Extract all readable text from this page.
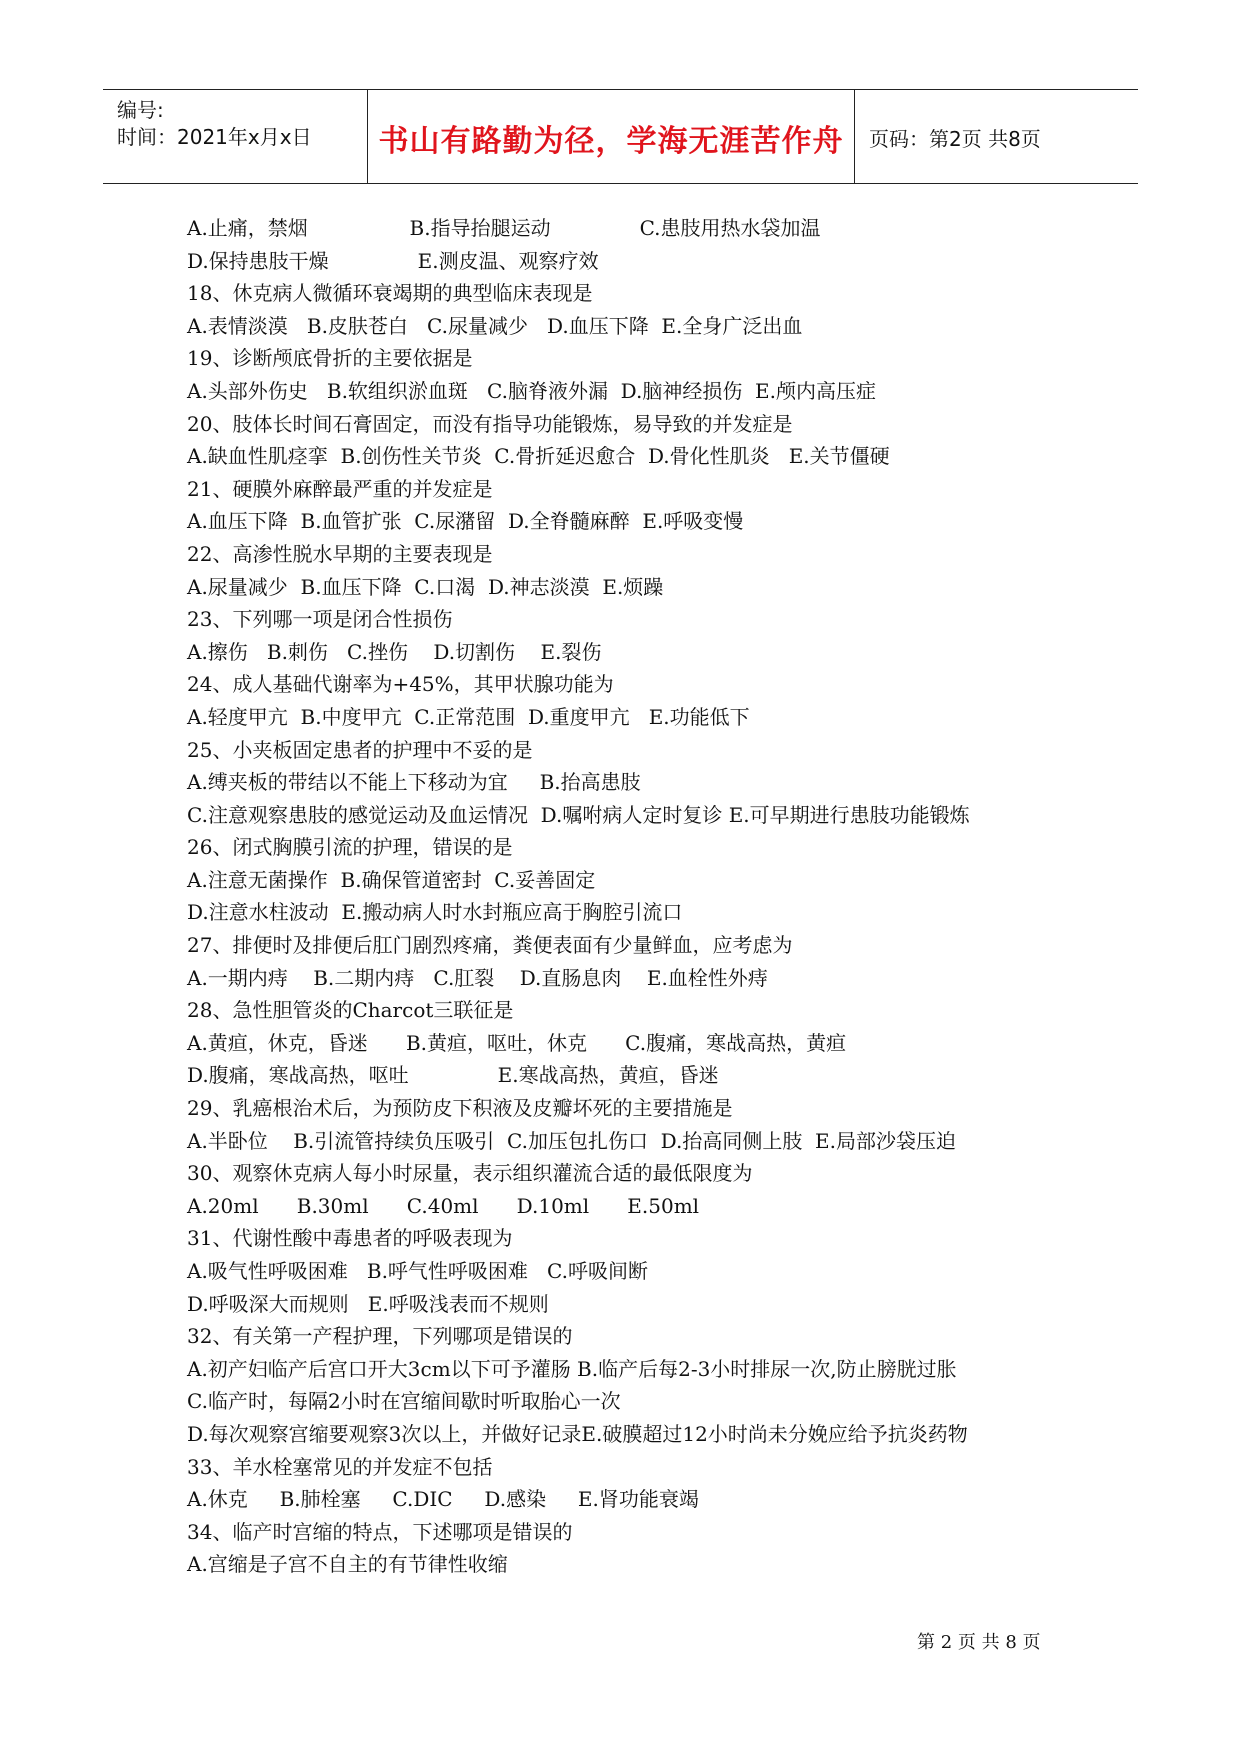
编号:
时间：2021年x月x日	书山有路勤为径，学海无涯苦作舟	页码：第2页 共8页
A.止痛，禁烟                B.指导抬腿运动              C.患肢用热水袋加温
D.保持患肢干燥              E.测皮温、观察疗效
18、休克病人微循环衰竭期的典型临床表现是
A.表情淡漠   B.皮肤苍白   C.尿量减少   D.血压下降  E.全身广泛出血
19、诊断颅底骨折的主要依据是
A.头部外伤史   B.软组织淤血斑   C.脑脊液外漏  D.脑神经损伤  E.颅内高压症
20、肢体长时间石膏固定，而没有指导功能锻炼，易导致的并发症是
A.缺血性肌痉挛  B.创伤性关节炎  C.骨折延迟愈合  D.骨化性肌炎   E.关节僵硬
21、硬膜外麻醉最严重的并发症是
A.血压下降  B.血管扩张  C.尿潴留  D.全脊髓麻醉  E.呼吸变慢
22、高渗性脱水早期的主要表现是
A.尿量减少  B.血压下降  C.口渴  D.神志淡漠  E.烦躁
23、下列哪一项是闭合性损伤
A.擦伤   B.刺伤   C.挫伤    D.切割伤    E.裂伤
24、成人基础代谢率为+45%，其甲状腺功能为
A.轻度甲亢  B.中度甲亢  C.正常范围  D.重度甲亢   E.功能低下
25、小夹板固定患者的护理中不妥的是
A.缚夹板的带结以不能上下移动为宜     B.抬高患肢
C.注意观察患肢的感觉运动及血运情况  D.嘱咐病人定时复诊 E.可早期进行患肢功能锻炼
26、闭式胸膜引流的护理，错误的是
A.注意无菌操作  B.确保管道密封  C.妥善固定
D.注意水柱波动  E.搬动病人时水封瓶应高于胸腔引流口
27、排便时及排便后肛门剧烈疼痛，粪便表面有少量鲜血，应考虑为
A.一期内痔    B.二期内痔   C.肛裂    D.直肠息肉    E.血栓性外痔
28、急性胆管炎的Charcot三联征是
A.黄疸，休克，昏迷      B.黄疸，呕吐，休克      C.腹痛，寒战高热，黄疸
D.腹痛，寒战高热，呕吐              E.寒战高热，黄疸，昏迷
29、乳癌根治术后，为预防皮下积液及皮瓣坏死的主要措施是
A.半卧位    B.引流管持续负压吸引  C.加压包扎伤口  D.抬高同侧上肢  E.局部沙袋压迫
30、观察休克病人每小时尿量，表示组织灌流合适的最低限度为
A.20ml      B.30ml      C.40ml      D.10ml      E.50ml
31、代谢性酸中毒患者的呼吸表现为
A.吸气性呼吸困难   B.呼气性呼吸困难   C.呼吸间断
D.呼吸深大而规则   E.呼吸浅表而不规则
32、有关第一产程护理，下列哪项是错误的
A.初产妇临产后宫口开大3cm以下可予灌肠 B.临产后每2-3小时排尿一次,防止膀胱过胀
C.临产时，每隔2小时在宫缩间歇时听取胎心一次
D.每次观察宫缩要观察3次以上，并做好记录E.破膜超过12小时尚未分娩应给予抗炎药物
33、羊水栓塞常见的并发症不包括
A.休克     B.肺栓塞     C.DIC     D.感染     E.肾功能衰竭
34、临产时宫缩的特点，下述哪项是错误的
A.宫缩是子宫不自主的有节律性收缩
第 2 页 共 8 页
